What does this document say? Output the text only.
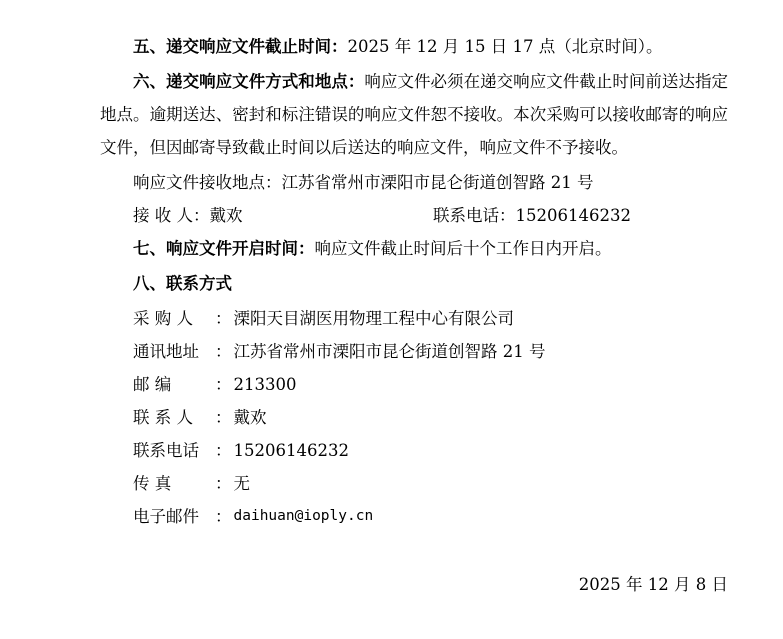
五、递交响应文件截止时间：2025 年 12 月 15 日 17 点（北京时间）。

六、递交响应文件方式和地点：响应文件必须在递交响应文件截止时间前送达指定地点。逾期送达、密封和标注错误的响应文件恕不接收。本次采购可以接收邮寄的响应文件，但因邮寄导致截止时间以后送达的响应文件，响应文件不予接收。

响应文件接收地点：江苏省常州市溧阳市昆仑街道创智路 21 号

接 收 人：戴欢	联系电话：15206146232

七、响应文件开启时间：响应文件截止时间后十个工作日内开启。

八、联系方式

采 购 人	： 溧阳天目湖医用物理工程中心有限公司
通讯地址 ： 江苏省常州市溧阳市昆仑街道创智路 21 号
邮 编	： 213300
联 系 人	： 戴欢
联系电话 ： 15206146232
传 真	： 无
电子邮件 ： daihuan@ioply.cn
2025 年 12 月 8 日
